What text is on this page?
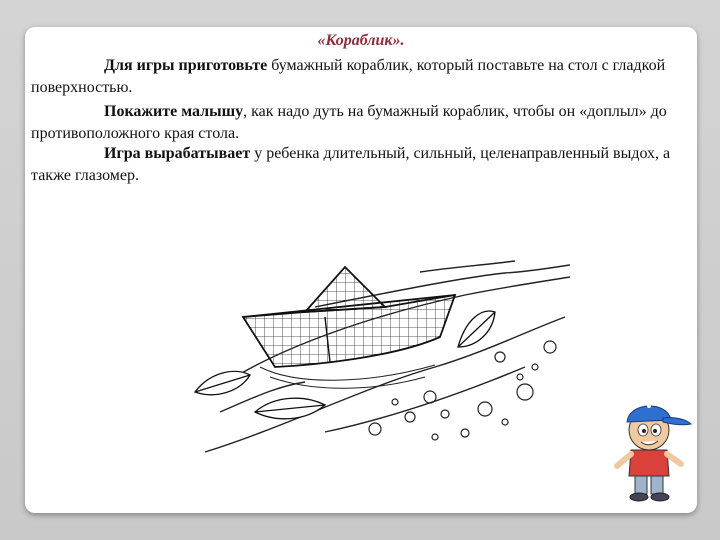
«Кораблик».

Для игры приготовьте бумажный кораблик, который поставьте на стол с гладкой поверхностью.

Покажите малышу, как надо дуть на бумажный кораблик, чтобы он «доплыл» до противоположного края стола.

Игра вырабатывает у ребенка длительный, сильный, целенаправленный выдох, а также глазомер.
